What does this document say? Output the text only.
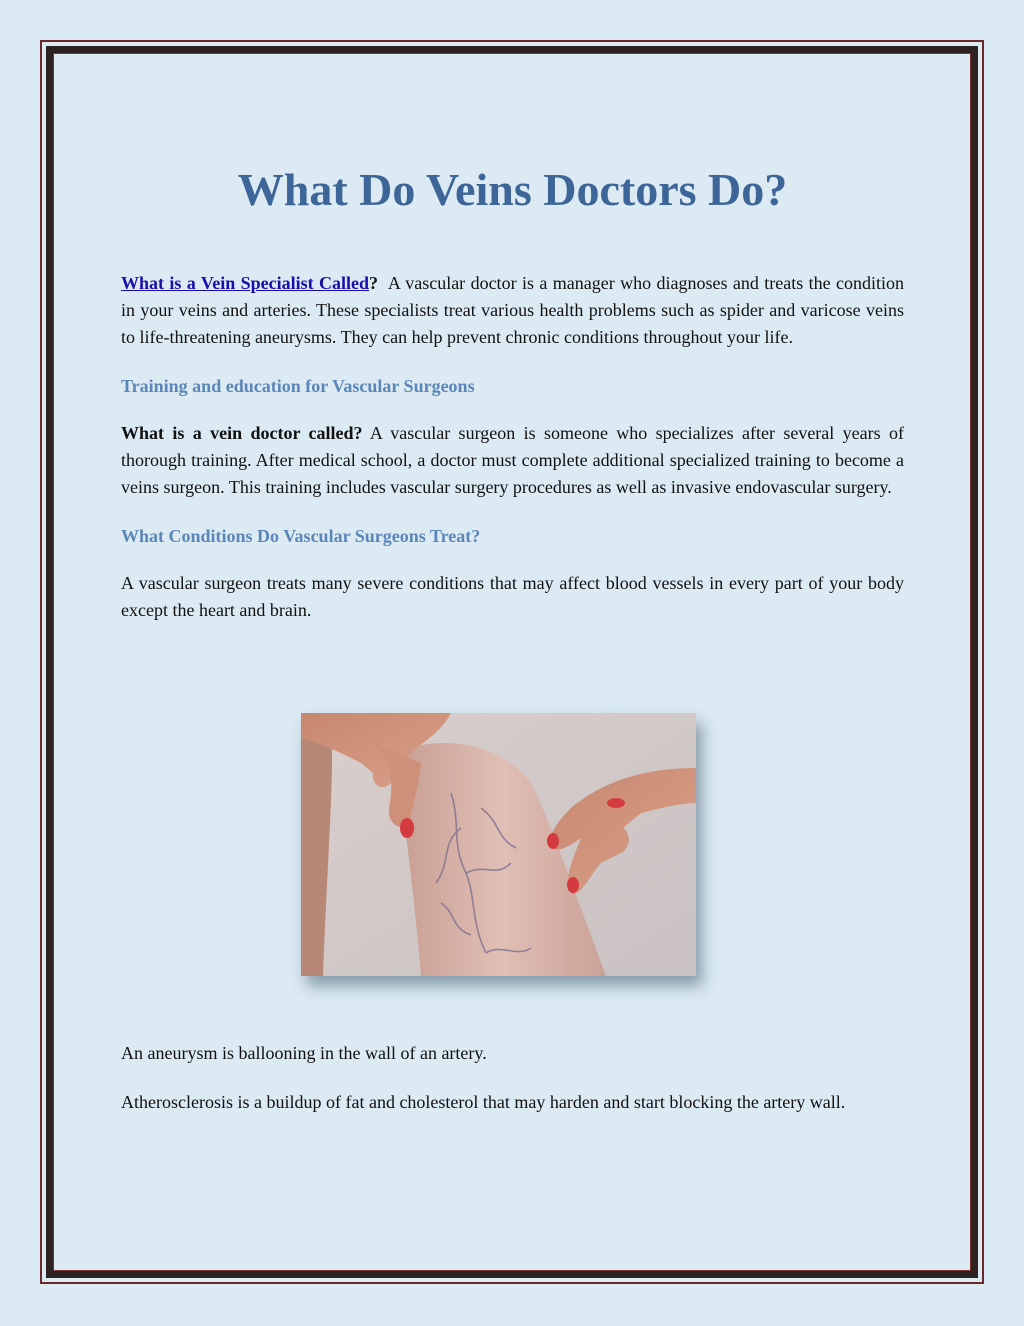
What Do Veins Doctors Do?

What is a Vein Specialist Called? A vascular doctor is a manager who diagnoses and treats the condition in your veins and arteries. These specialists treat various health problems such as spider and varicose veins to life-threatening aneurysms. They can help prevent chronic conditions throughout your life.

Training and education for Vascular Surgeons

What is a vein doctor called? A vascular surgeon is someone who specializes after several years of thorough training. After medical school, a doctor must complete additional specialized training to become a veins surgeon. This training includes vascular surgery procedures as well as invasive endovascular surgery.

What Conditions Do Vascular Surgeons Treat?

A vascular surgeon treats many severe conditions that may affect blood vessels in every part of your body except the heart and brain.

An aneurysm is ballooning in the wall of an artery.

Atherosclerosis is a buildup of fat and cholesterol that may harden and start blocking the artery wall.
